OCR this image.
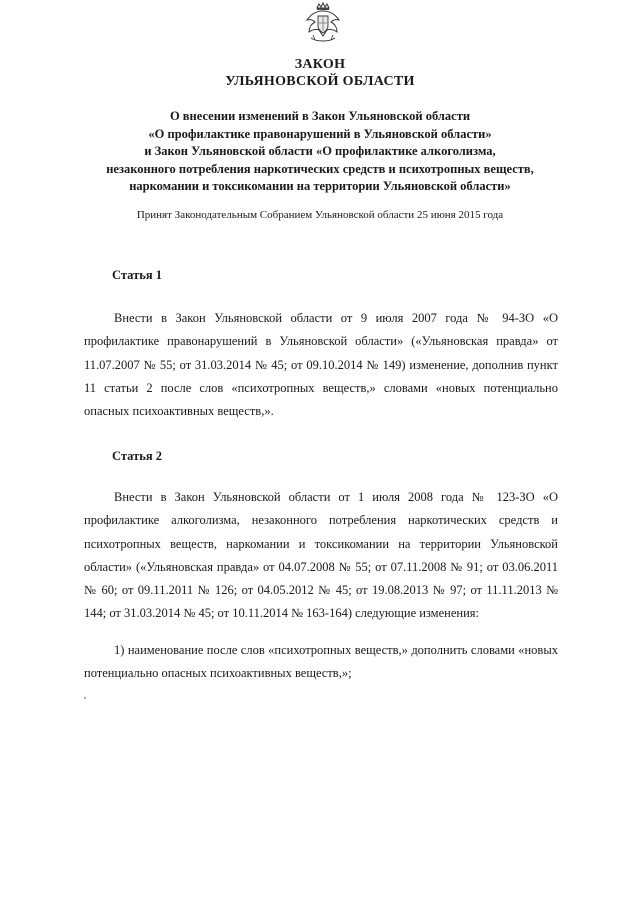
ЗАКОН
УЛЬЯНОВСКОЙ ОБЛАСТИ
О внесении изменений в Закон Ульяновской области
«О профилактике правонарушений в Ульяновской области»
и Закон Ульяновской области «О профилактике алкоголизма,
незаконного потребления наркотических средств и психотропных веществ,
наркомании и токсикомании на территории Ульяновской области»
Принят Законодательным Собранием Ульяновской области 25 июня 2015 года
Статья 1
Внести в Закон Ульяновской области от 9 июля 2007 года № 94-ЗО «О профилактике правонарушений в Ульяновской области» («Ульяновская правда» от 11.07.2007 № 55; от 31.03.2014 № 45; от 09.10.2014 № 149) изменение, дополнив пункт 11 статьи 2 после слов «психотропных веществ,» словами «новых потенциально опасных психоактивных веществ,».
Статья 2
Внести в Закон Ульяновской области от 1 июля 2008 года № 123-ЗО «О профилактике алкоголизма, незаконного потребления наркотических средств и психотропных веществ, наркомании и токсикомании на территории Ульяновской области» («Ульяновская правда» от 04.07.2008 № 55; от 07.11.2008 № 91; от 03.06.2011 № 60; от 09.11.2011 № 126; от 04.05.2012 № 45; от 19.08.2013 № 97; от 11.11.2013 № 144; от 31.03.2014 № 45; от 10.11.2014 № 163-164) следующие изменения:
1) наименование после слов «психотропных веществ,» дополнить словами «новых потенциально опасных психоактивных веществ,»;
